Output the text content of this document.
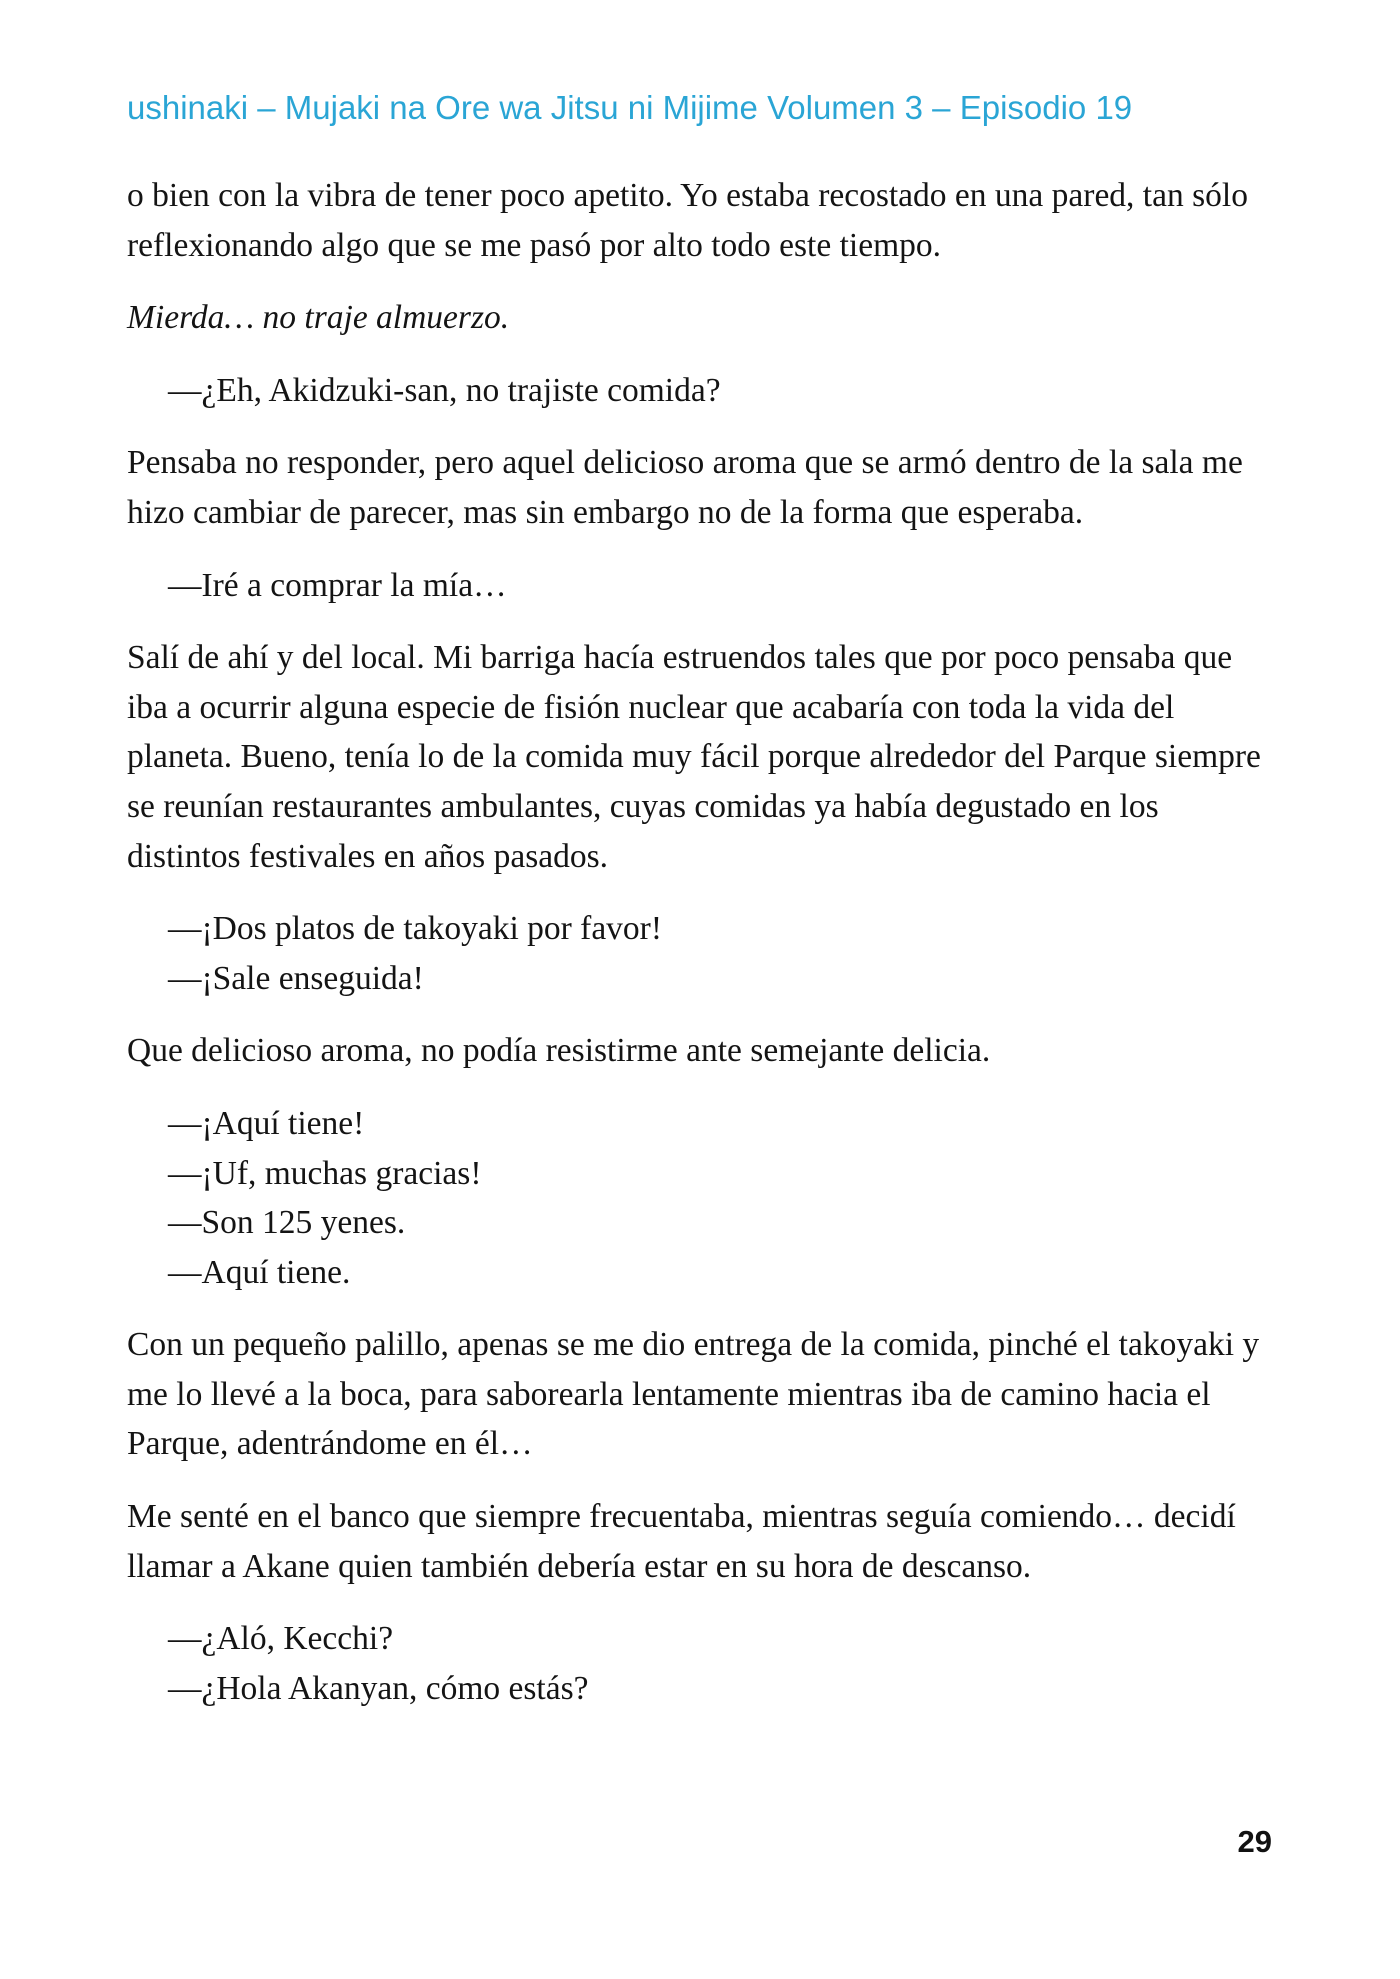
ushinaki – Mujaki na Ore wa Jitsu ni Mijime Volumen 3 – Episodio 19

o bien con la vibra de tener poco apetito. Yo estaba recostado en una pared, tan sólo reflexionando algo que se me pasó por alto todo este tiempo.

Mierda… no traje almuerzo.

—¿Eh, Akidzuki-san, no trajiste comida?

Pensaba no responder, pero aquel delicioso aroma que se armó dentro de la sala me hizo cambiar de parecer, mas sin embargo no de la forma que esperaba.

—Iré a comprar la mía…

Salí de ahí y del local. Mi barriga hacía estruendos tales que por poco pensaba que iba a ocurrir alguna especie de fisión nuclear que acabaría con toda la vida del planeta. Bueno, tenía lo de la comida muy fácil porque alrededor del Parque siempre se reunían restaurantes ambulantes, cuyas comidas ya había degustado en los distintos festivales en años pasados.

—¡Dos platos de takoyaki por favor!
—¡Sale enseguida!

Que delicioso aroma, no podía resistirme ante semejante delicia.

—¡Aquí tiene!
—¡Uf, muchas gracias!
—Son 125 yenes.
—Aquí tiene.

Con un pequeño palillo, apenas se me dio entrega de la comida, pinché el takoyaki y me lo llevé a la boca, para saborearla lentamente mientras iba de camino hacia el Parque, adentrándome en él…

Me senté en el banco que siempre frecuentaba, mientras seguía comiendo… decidí llamar a Akane quien también debería estar en su hora de descanso.

—¿Aló, Kecchi?
—¿Hola Akanyan, cómo estás?
29
